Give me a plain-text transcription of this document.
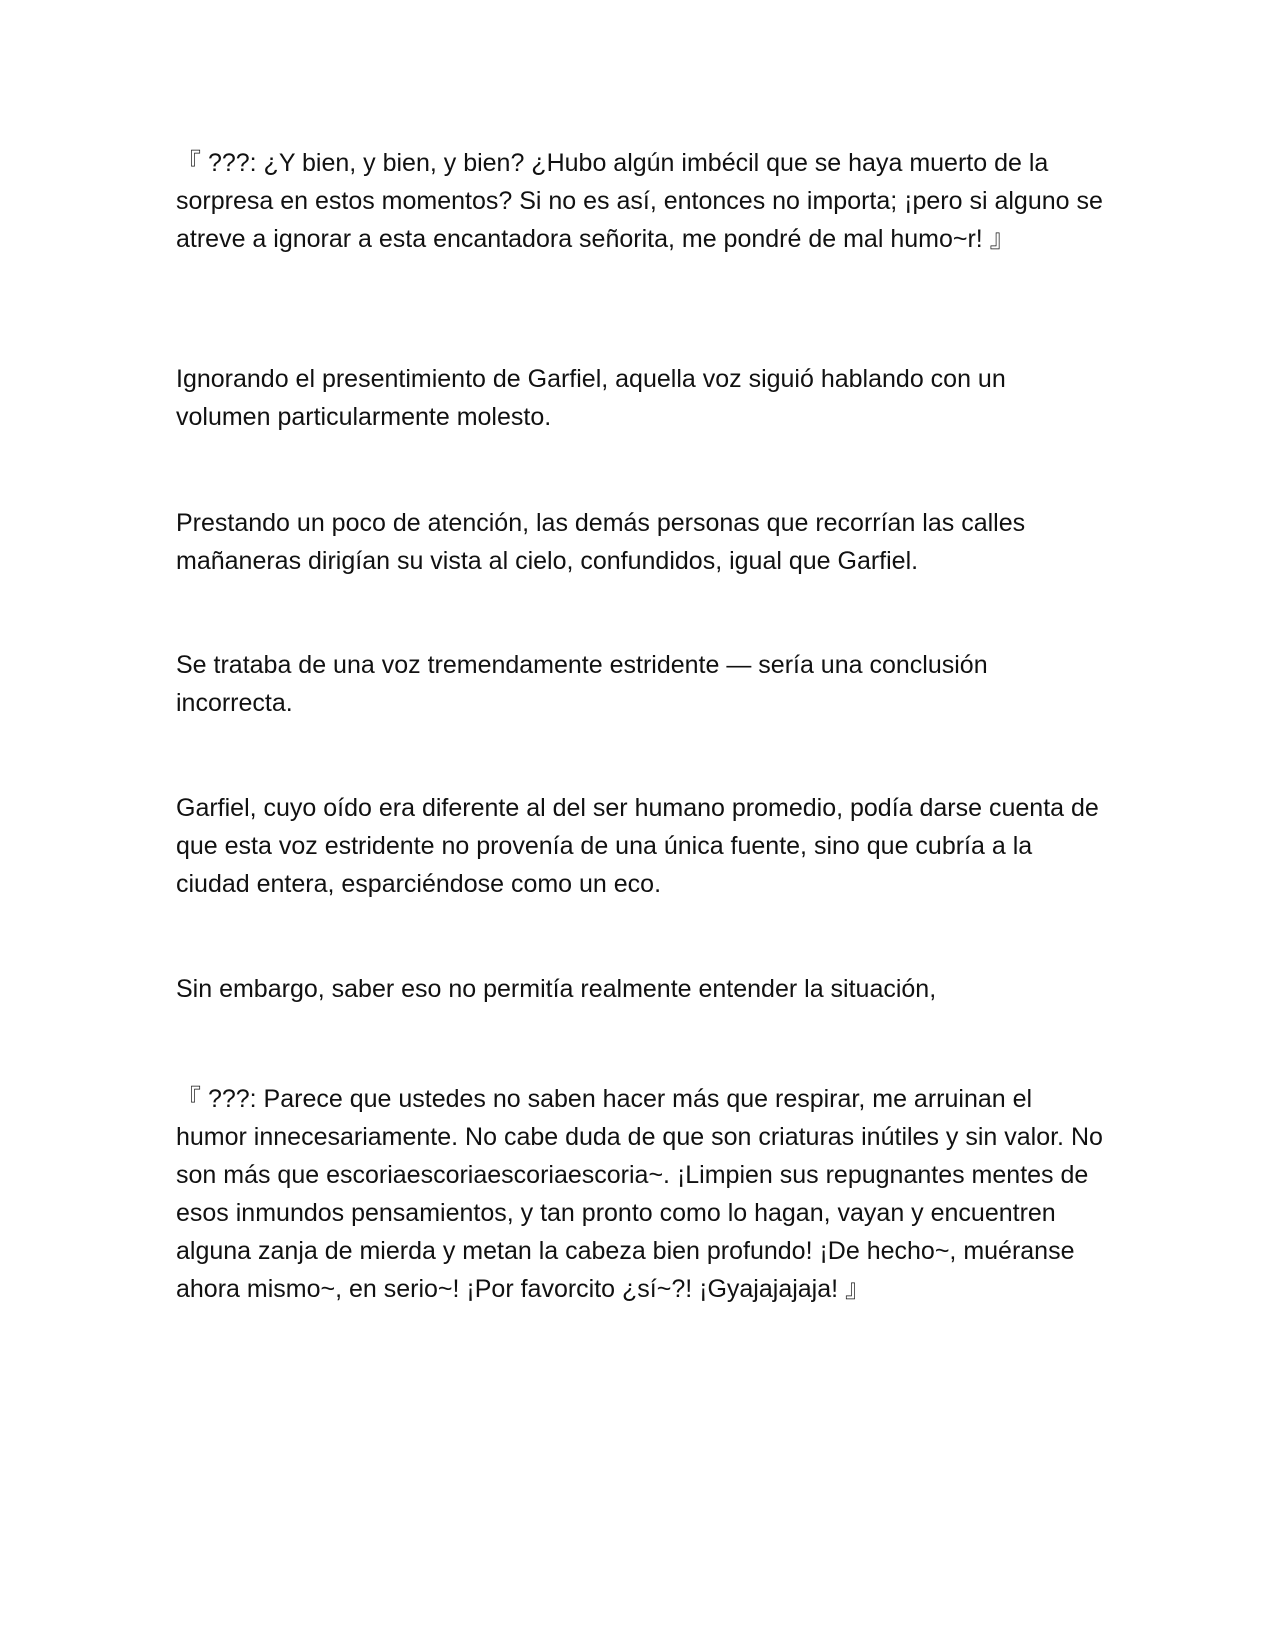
『 ???: ¿Y bien, y bien, y bien? ¿Hubo algún imbécil que se haya muerto de la sorpresa en estos momentos? Si no es así, entonces no importa; ¡pero si alguno se atreve a ignorar a esta encantadora señorita, me pondré de mal humo~r! 』

Ignorando el presentimiento de Garfiel, aquella voz siguió hablando con un volumen particularmente molesto.

Prestando un poco de atención, las demás personas que recorrían las calles mañaneras dirigían su vista al cielo, confundidos, igual que Garfiel.

Se trataba de una voz tremendamente estridente — sería una conclusión incorrecta.

Garfiel, cuyo oído era diferente al del ser humano promedio, podía darse cuenta de que esta voz estridente no provenía de una única fuente, sino que cubría a la ciudad entera, esparciéndose como un eco.

Sin embargo, saber eso no permitía realmente entender la situación,

『 ???: Parece que ustedes no saben hacer más que respirar, me arruinan el humor innecesariamente. No cabe duda de que son criaturas inútiles y sin valor. No son más que escoriaescoriaescoriaescoria~. ¡Limpien sus repugnantes mentes de esos inmundos pensamientos, y tan pronto como lo hagan, vayan y encuentren alguna zanja de mierda y metan la cabeza bien profundo! ¡De hecho~, muéranse ahora mismo~, en serio~! ¡Por favorcito ¿sí~?! ¡Gyajajajaja! 』
